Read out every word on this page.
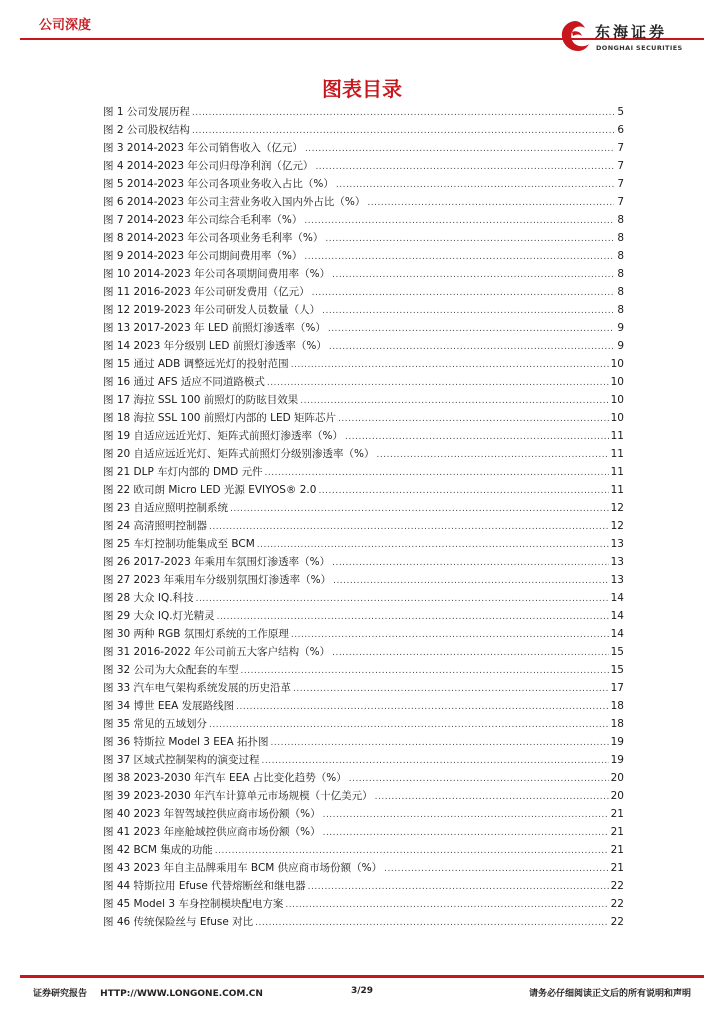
公司深度	东海证券
DONGHAI SECURITIES
图表目录
图 1 公司发展历程 .....	5
图 2 公司股权结构 .....	6
图 3 2014-2023 年公司销售收入（亿元） .....	7
图 4 2014-2023 年公司归母净利润（亿元） .....	7
图 5 2014-2023 年公司各项业务收入占比（%） .....	7
图 6 2014-2023 年公司主营业务收入国内外占比（%） .....	7
图 7 2014-2023 年公司综合毛利率（%） .....	8
图 8 2014-2023 年公司各项业务毛利率（%） .....	8
图 9 2014-2023 年公司期间费用率（%） .....	8
图 10 2014-2023 年公司各项期间费用率（%） .....	8
图 11 2016-2023 年公司研发费用（亿元） .....	8
图 12 2019-2023 年公司研发人员数量（人） .....	8
图 13 2017-2023 年 LED 前照灯渗透率（%） .....	9
图 14 2023 年分级别 LED 前照灯渗透率（%） .....	9
图 15 通过 ADB 调整远光灯的投射范围 .....	10
图 16 通过 AFS 适应不同道路模式 .....	10
图 17 海拉 SSL 100 前照灯的防眩目效果 .....	10
图 18 海拉 SSL 100 前照灯内部的 LED 矩阵芯片 .....	10
图 19 自适应远近光灯、矩阵式前照灯渗透率（%） .....	11
图 20 自适应远近光灯、矩阵式前照灯分级别渗透率（%） .....	11
图 21 DLP 车灯内部的 DMD 元件 .....	11
图 22 欧司朗 Micro LED 光源 EVIYOS® 2.0 .....	11
图 23 自适应照明控制系统 .....	12
图 24 高清照明控制器 .....	12
图 25 车灯控制功能集成至 BCM .....	13
图 26 2017-2023 年乘用车氛围灯渗透率（%） .....	13
图 27 2023 年乘用车分级别氛围灯渗透率（%） .....	13
图 28 大众 IQ.科技 .....	14
图 29 大众 IQ.灯光精灵 .....	14
图 30 两种 RGB 氛围灯系统的工作原理 .....	14
图 31 2016-2022 年公司前五大客户结构（%） .....	15
图 32 公司为大众配套的车型 .....	15
图 33 汽车电气架构系统发展的历史沿革 .....	17
图 34 博世 EEA 发展路线图 .....	18
图 35 常见的五域划分 .....	18
图 36 特斯拉 Model 3 EEA 拓扑图 .....	19
图 37 区域式控制架构的演变过程 .....	19
图 38 2023-2030 年汽车 EEA 占比变化趋势（%） .....	20
图 39 2023-2030 年汽车计算单元市场规模（十亿美元） .....	20
图 40 2023 年智驾域控供应商市场份额（%） .....	21
图 41 2023 年座舱域控供应商市场份额（%） .....	21
图 42 BCM 集成的功能 .....	21
图 43 2023 年自主品牌乘用车 BCM 供应商市场份额（%） .....	21
图 44 特斯拉用 Efuse 代替熔断丝和继电器 .....	22
图 45 Model 3 车身控制模块配电方案 .....	22
图 46 传统保险丝与 Efuse 对比 .....	22
证券研究报告 HTTP://WWW.LONGONE.COM.CN	3/29	请务必仔细阅读正文后的所有说明和声明
